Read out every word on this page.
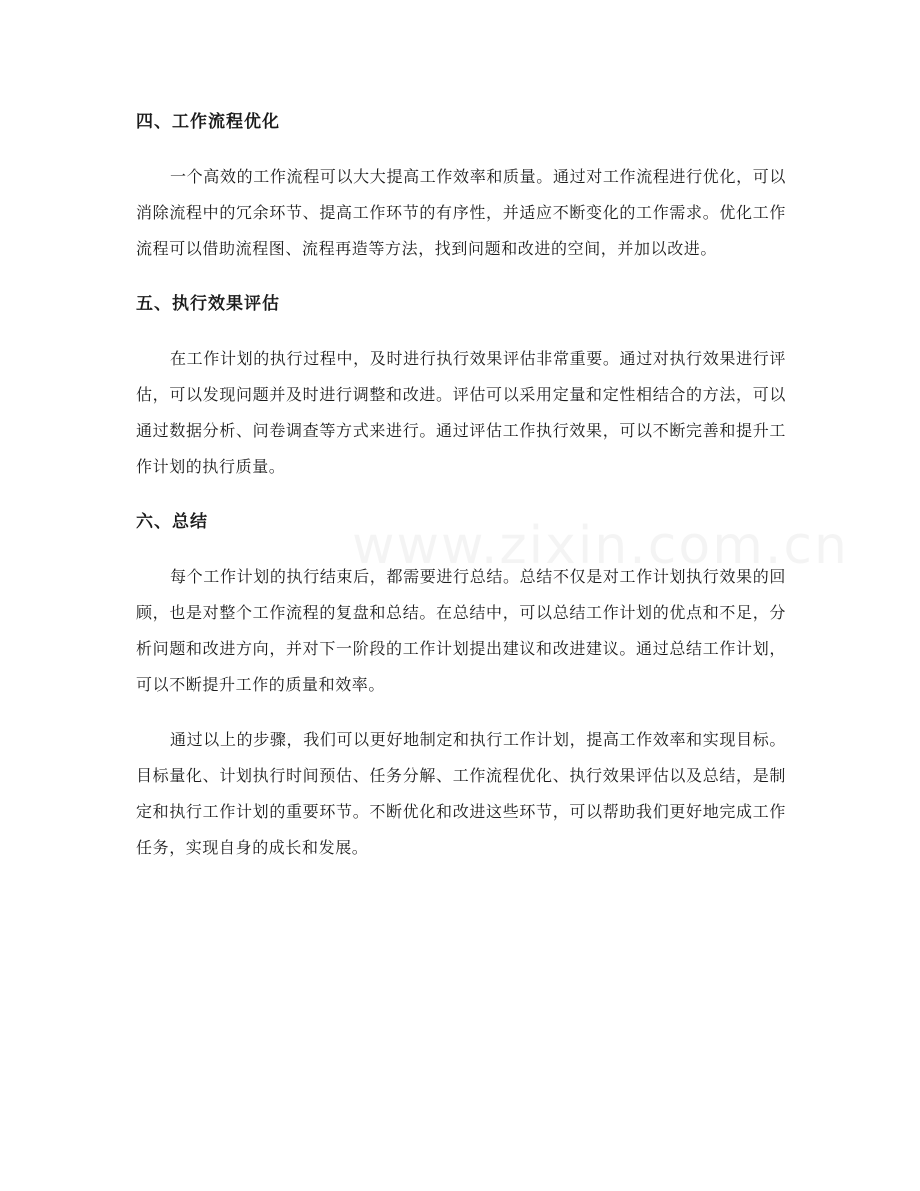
四、工作流程优化

一个高效的工作流程可以大大提高工作效率和质量。通过对工作流程进行优化，可以消除流程中的冗余环节、提高工作环节的有序性，并适应不断变化的工作需求。优化工作流程可以借助流程图、流程再造等方法，找到问题和改进的空间，并加以改进。

五、执行效果评估

在工作计划的执行过程中，及时进行执行效果评估非常重要。通过对执行效果进行评估，可以发现问题并及时进行调整和改进。评估可以采用定量和定性相结合的方法，可以通过数据分析、问卷调查等方式来进行。通过评估工作执行效果，可以不断完善和提升工作计划的执行质量。

六、总结

每个工作计划的执行结束后，都需要进行总结。总结不仅是对工作计划执行效果的回顾，也是对整个工作流程的复盘和总结。在总结中，可以总结工作计划的优点和不足，分析问题和改进方向，并对下一阶段的工作计划提出建议和改进建议。通过总结工作计划，可以不断提升工作的质量和效率。

通过以上的步骤，我们可以更好地制定和执行工作计划，提高工作效率和实现目标。目标量化、计划执行时间预估、任务分解、工作流程优化、执行效果评估以及总结，是制定和执行工作计划的重要环节。不断优化和改进这些环节，可以帮助我们更好地完成工作任务，实现自身的成长和发展。
